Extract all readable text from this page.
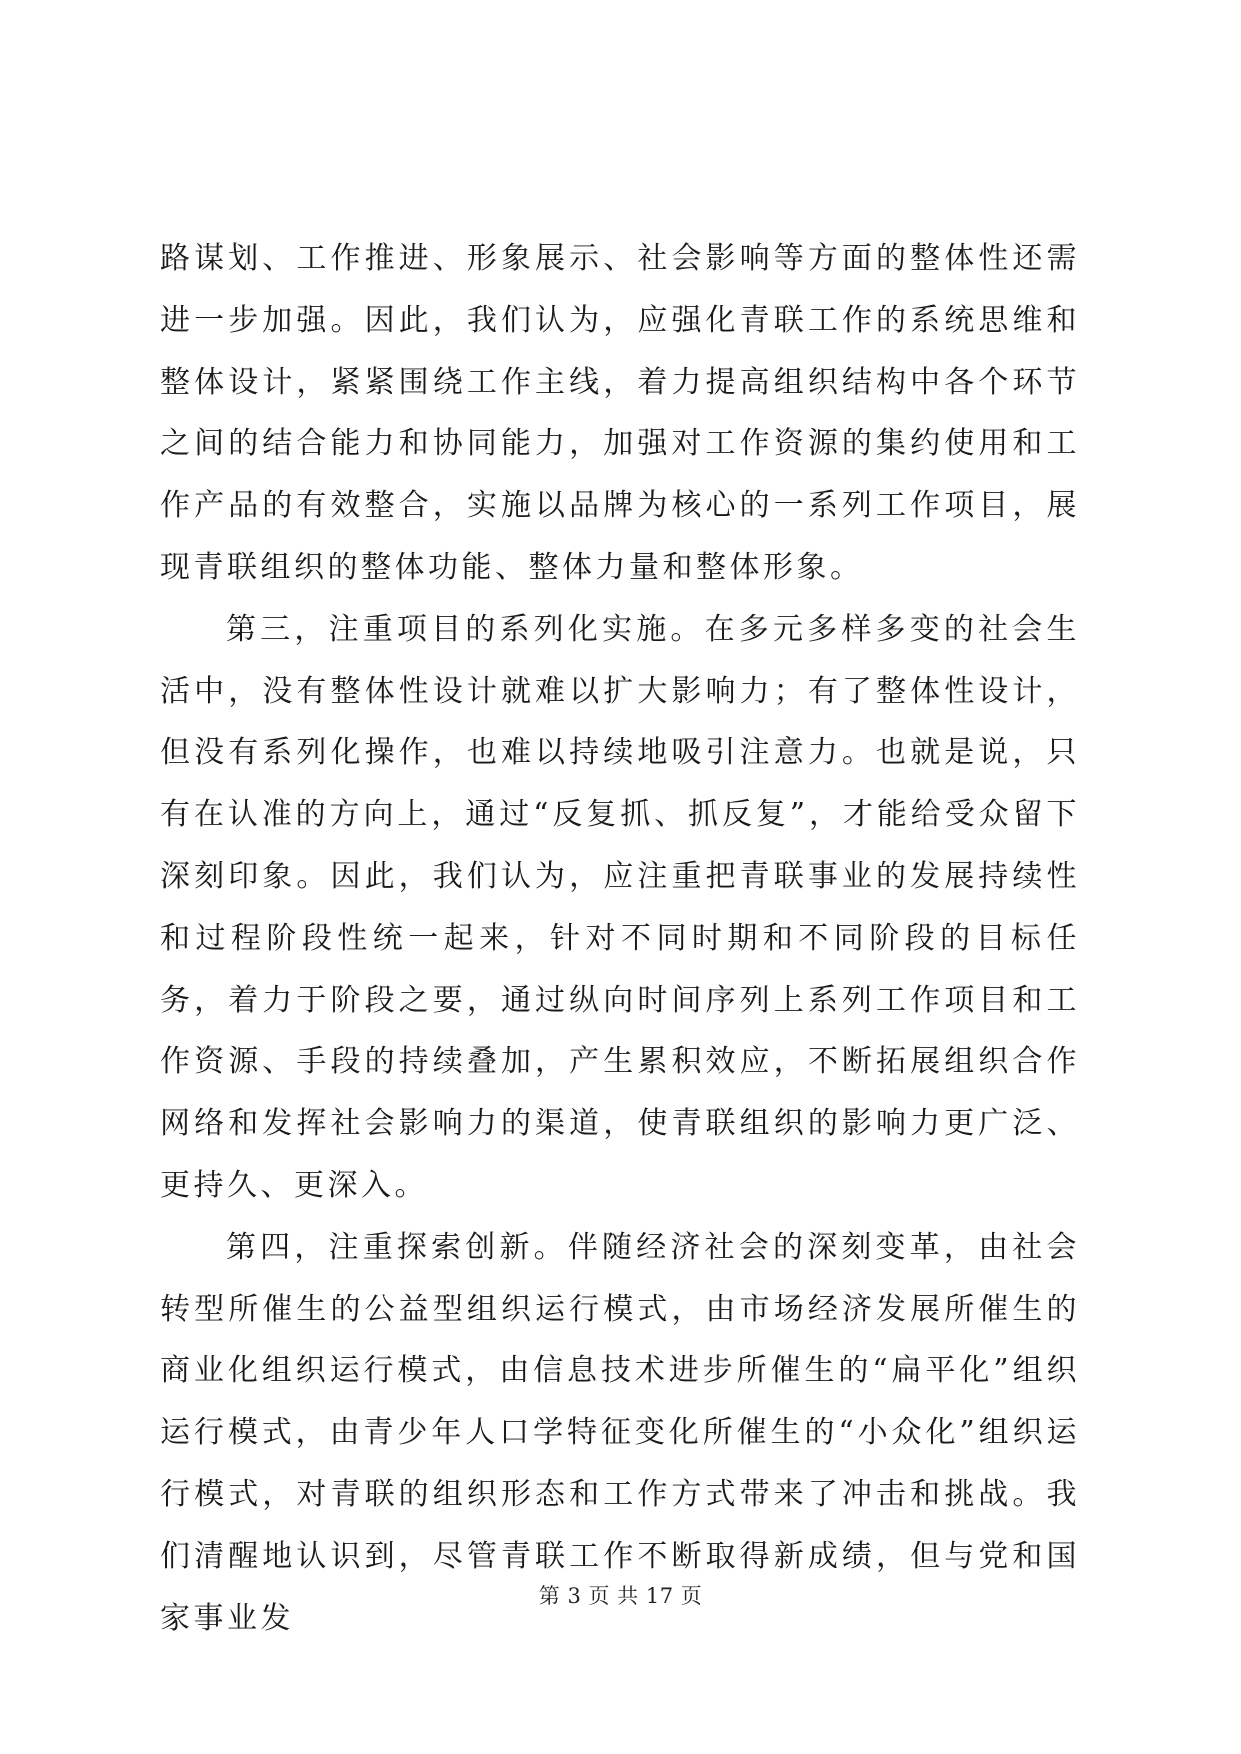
路谋划、工作推进、形象展示、社会影响等方面的整体性还需进一步加强。因此，我们认为，应强化青联工作的系统思维和整体设计，紧紧围绕工作主线，着力提高组织结构中各个环节之间的结合能力和协同能力，加强对工作资源的集约使用和工作产品的有效整合，实施以品牌为核心的一系列工作项目，展现青联组织的整体功能、整体力量和整体形象。

第三，注重项目的系列化实施。在多元多样多变的社会生活中，没有整体性设计就难以扩大影响力；有了整体性设计，但没有系列化操作，也难以持续地吸引注意力。也就是说，只有在认准的方向上，通过“反复抓、抓反复”，才能给受众留下深刻印象。因此，我们认为，应注重把青联事业的发展持续性和过程阶段性统一起来，针对不同时期和不同阶段的目标任务，着力于阶段之要，通过纵向时间序列上系列工作项目和工作资源、手段的持续叠加，产生累积效应，不断拓展组织合作网络和发挥社会影响力的渠道，使青联组织的影响力更广泛、更持久、更深入。

第四，注重探索创新。伴随经济社会的深刻变革，由社会转型所催生的公益型组织运行模式，由市场经济发展所催生的商业化组织运行模式，由信息技术进步所催生的“扁平化”组织运行模式，由青少年人口学特征变化所催生的“小众化”组织运行模式，对青联的组织形态和工作方式带来了冲击和挑战。我们清醒地认识到，尽管青联工作不断取得新成绩，但与党和国家事业发

第 3 页 共 17 页
